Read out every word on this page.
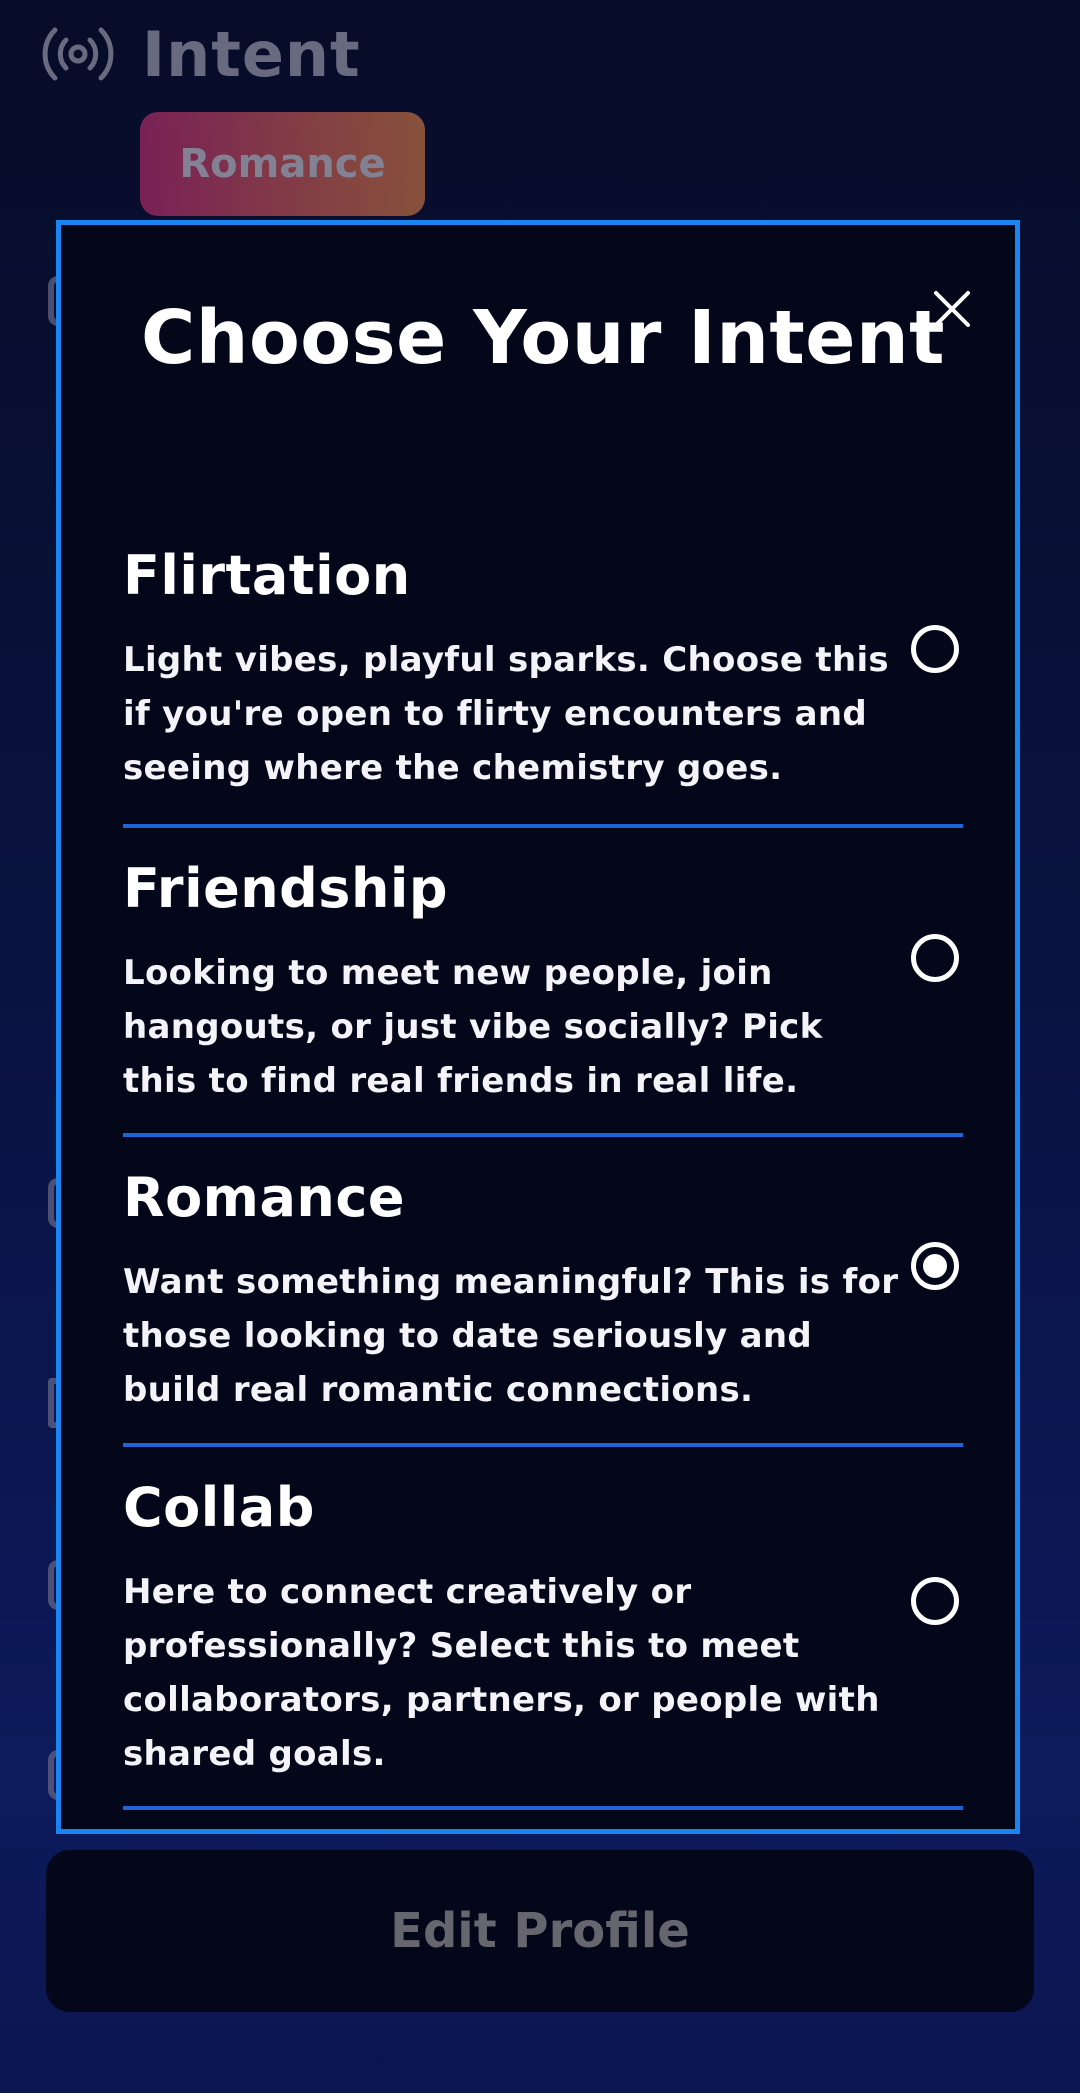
Intent
Romance
Edit Profile
Choose Your Intent
Flirtation
Light vibes, playful sparks. Choose this if you're open to flirty encounters and seeing where the chemistry goes.
Friendship
Looking to meet new people, join hangouts, or just vibe socially? Pick this to find real friends in real life.
Romance
Want something meaningful? This is for those looking to date seriously and build real romantic connections.
Collab
Here to connect creatively or professionally? Select this to meet collaborators, partners, or people with shared goals.
